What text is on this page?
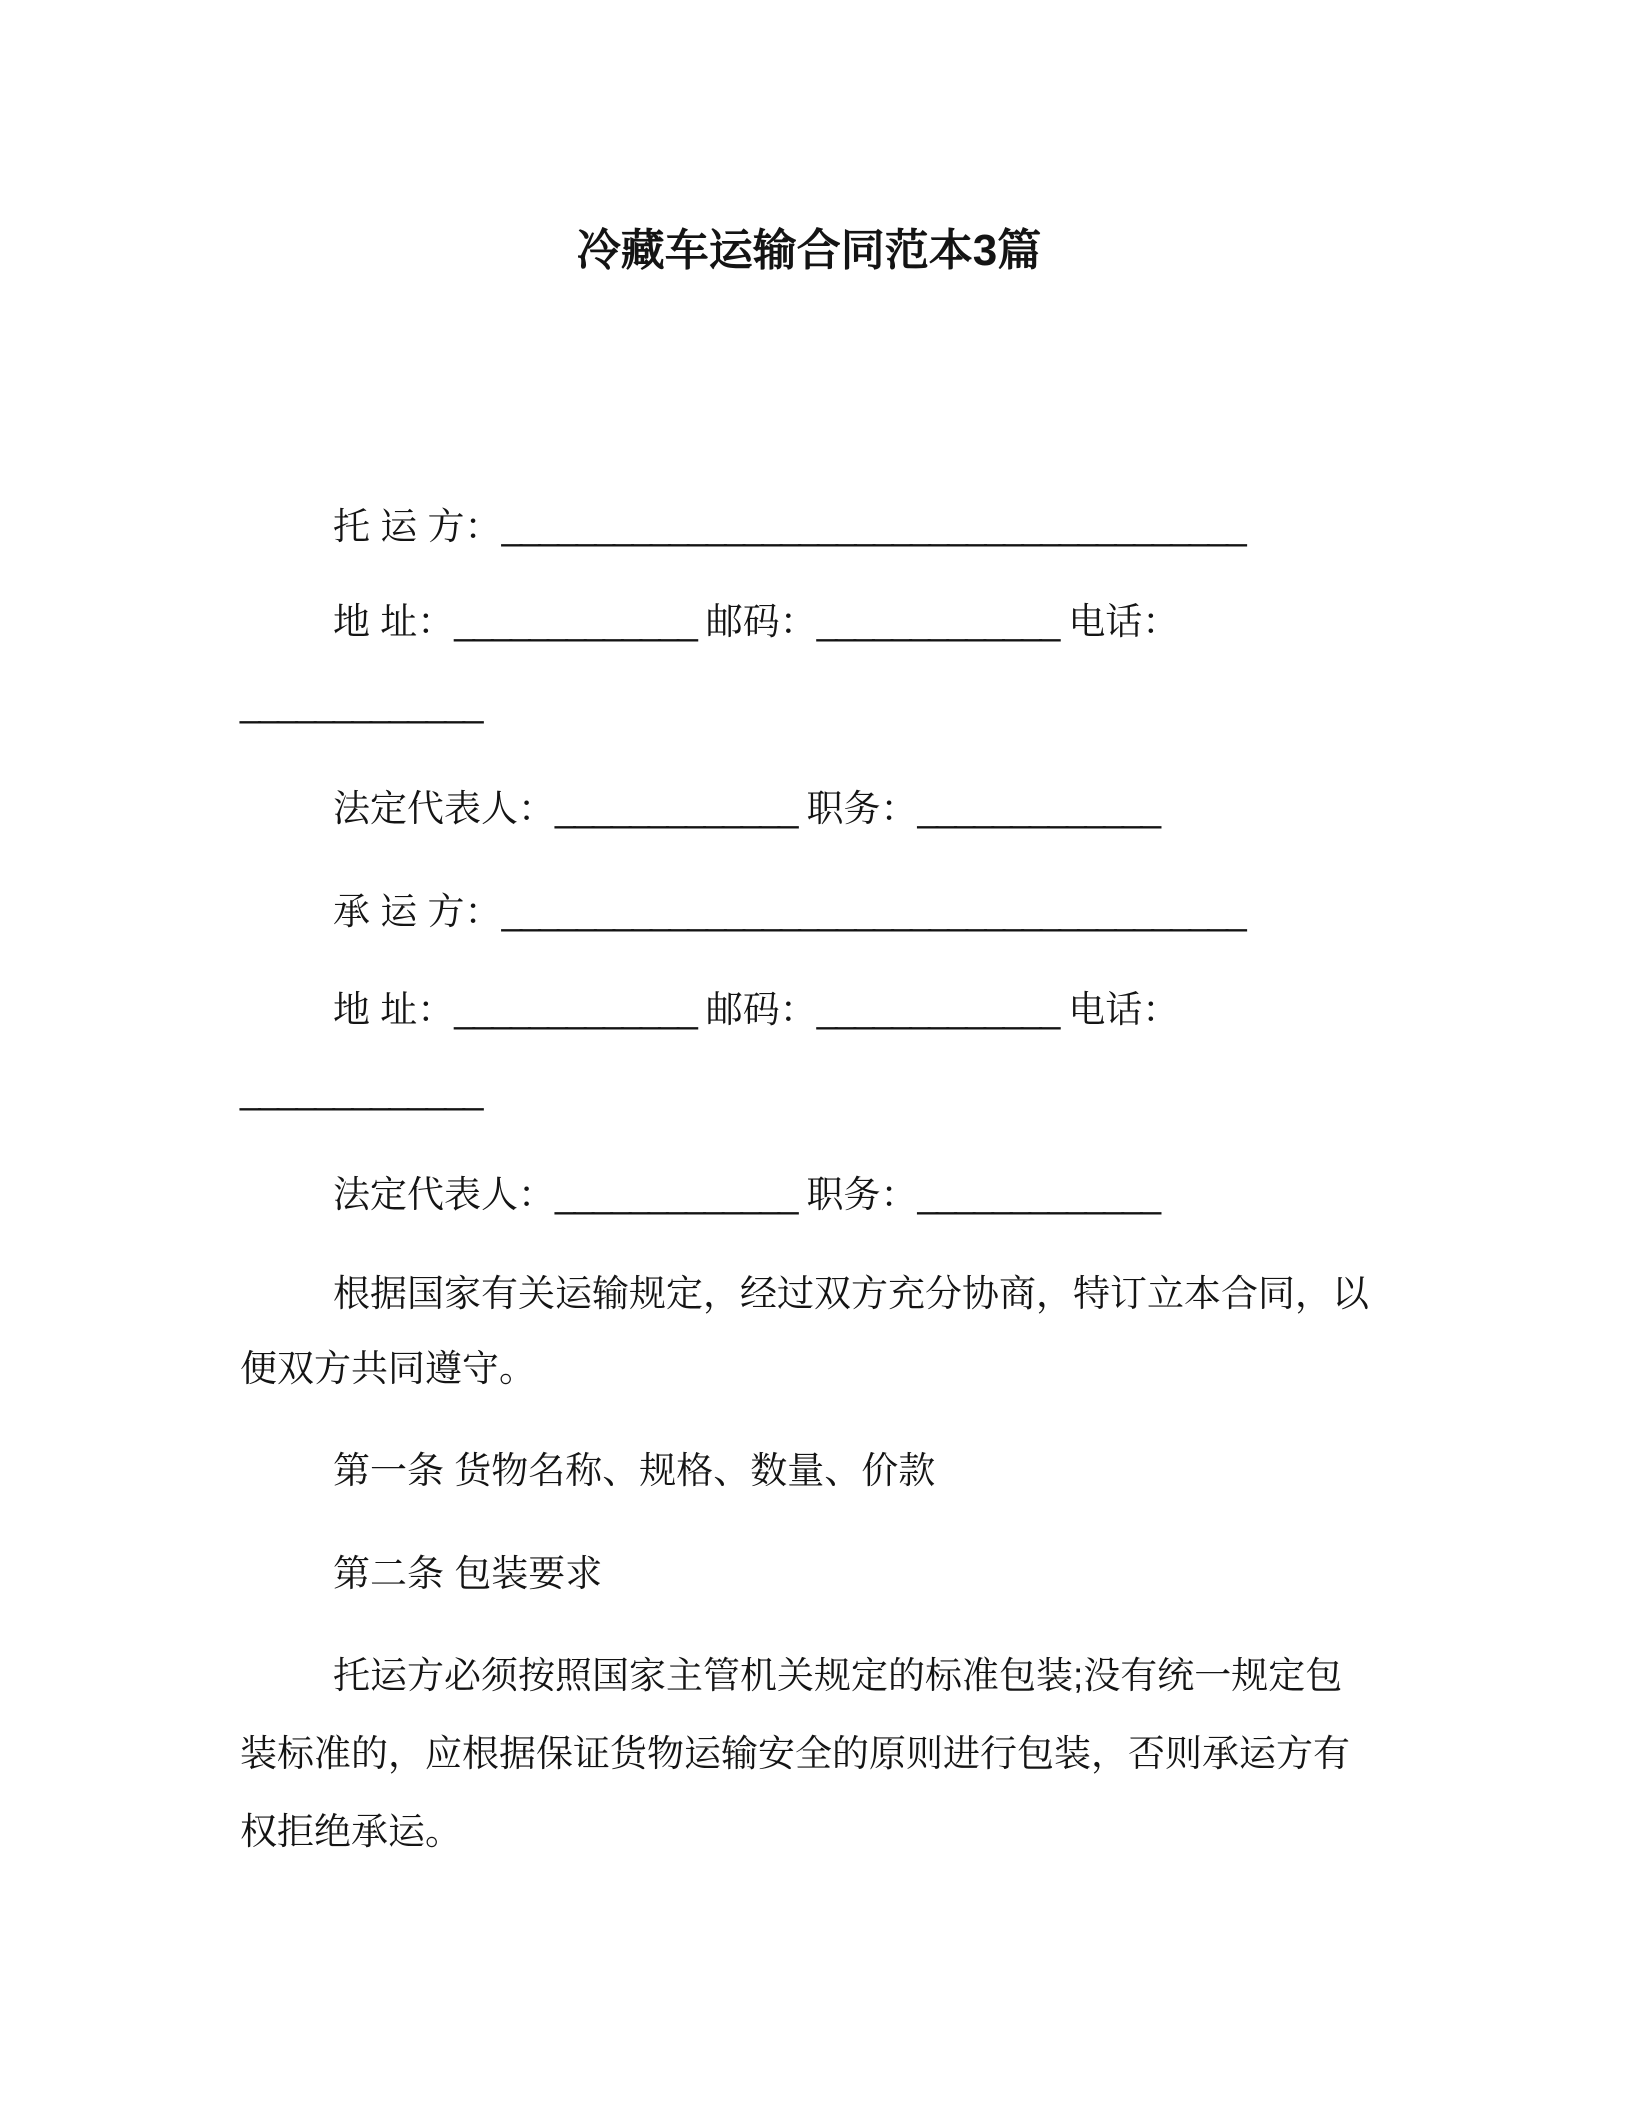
冷藏车运输合同范本3篇
托 运 方：________________________________________
地 址：_____________ 邮码：_____________ 电话：
_____________
法定代表人：_____________ 职务：_____________
承 运 方：________________________________________
地 址：_____________ 邮码：_____________ 电话：
_____________
法定代表人：_____________ 职务：_____________
根据国家有关运输规定，经过双方充分协商，特订立本合同，以
便双方共同遵守。
第一条 货物名称、规格、数量、价款
第二条 包装要求
托运方必须按照国家主管机关规定的标准包装;没有统一规定包
装标准的，应根据保证货物运输安全的原则进行包装，否则承运方有
权拒绝承运。
